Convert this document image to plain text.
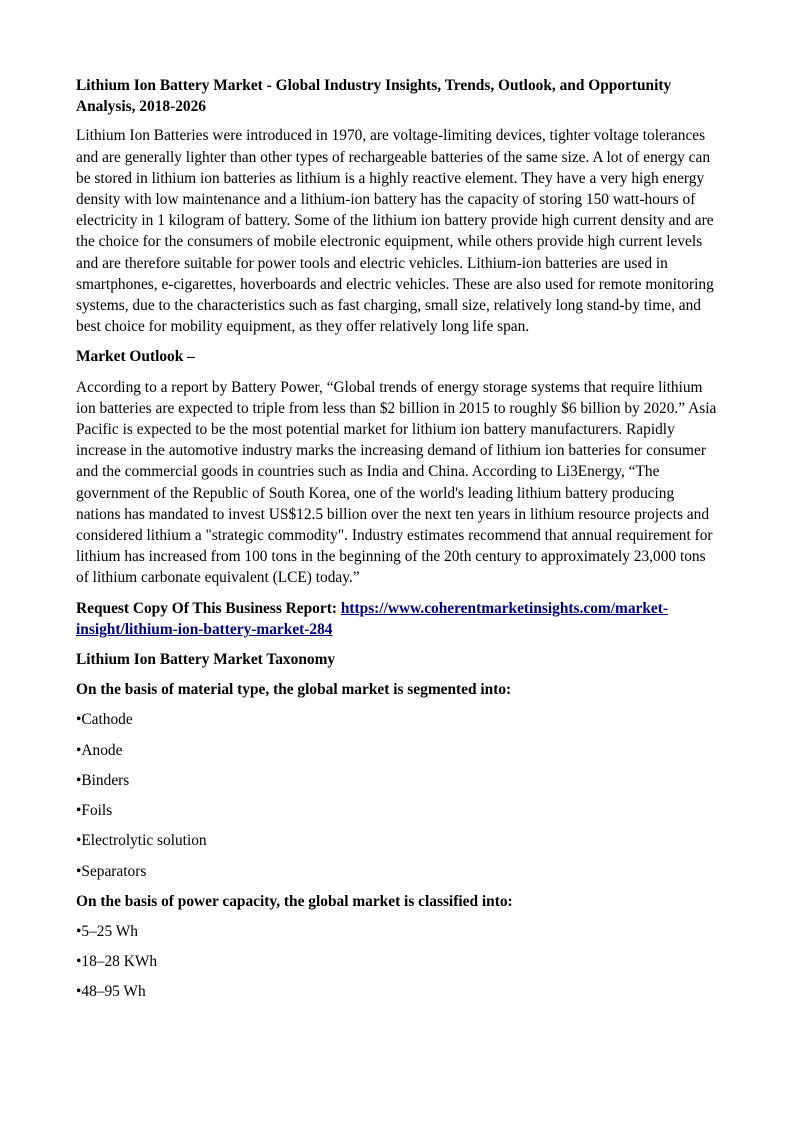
Lithium Ion Battery Market - Global Industry Insights, Trends, Outlook, and Opportunity Analysis, 2018-2026

Lithium Ion Batteries were introduced in 1970, are voltage-limiting devices, tighter voltage tolerances and are generally lighter than other types of rechargeable batteries of the same size. A lot of energy can be stored in lithium ion batteries as lithium is a highly reactive element. They have a very high energy density with low maintenance and a lithium-ion battery has the capacity of storing 150 watt-hours of electricity in 1 kilogram of battery. Some of the lithium ion battery provide high current density and are the choice for the consumers of mobile electronic equipment, while others provide high current levels and are therefore suitable for power tools and electric vehicles. Lithium-ion batteries are used in smartphones, e-cigarettes, hoverboards and electric vehicles. These are also used for remote monitoring systems, due to the characteristics such as fast charging, small size, relatively long stand-by time, and best choice for mobility equipment, as they offer relatively long life span.

Market Outlook –

According to a report by Battery Power, “Global trends of energy storage systems that require lithium ion batteries are expected to triple from less than $2 billion in 2015 to roughly $6 billion by 2020.” Asia Pacific is expected to be the most potential market for lithium ion battery manufacturers. Rapidly increase in the automotive industry marks the increasing demand of lithium ion batteries for consumer and the commercial goods in countries such as India and China. According to Li3Energy, “The government of the Republic of South Korea, one of the world's leading lithium battery producing nations has mandated to invest US$12.5 billion over the next ten years in lithium resource projects and considered lithium a "strategic commodity". Industry estimates recommend that annual requirement for lithium has increased from 100 tons in the beginning of the 20th century to approximately 23,000 tons of lithium carbonate equivalent (LCE) today.”

Request Copy Of This Business Report: https://www.coherentmarketinsights.com/market-insight/lithium-ion-battery-market-284

Lithium Ion Battery Market Taxonomy

On the basis of material type, the global market is segmented into:

•Cathode

•Anode

•Binders

•Foils

•Electrolytic solution

•Separators

On the basis of power capacity, the global market is classified into:

•5–25 Wh

•18–28 KWh

•48–95 Wh
